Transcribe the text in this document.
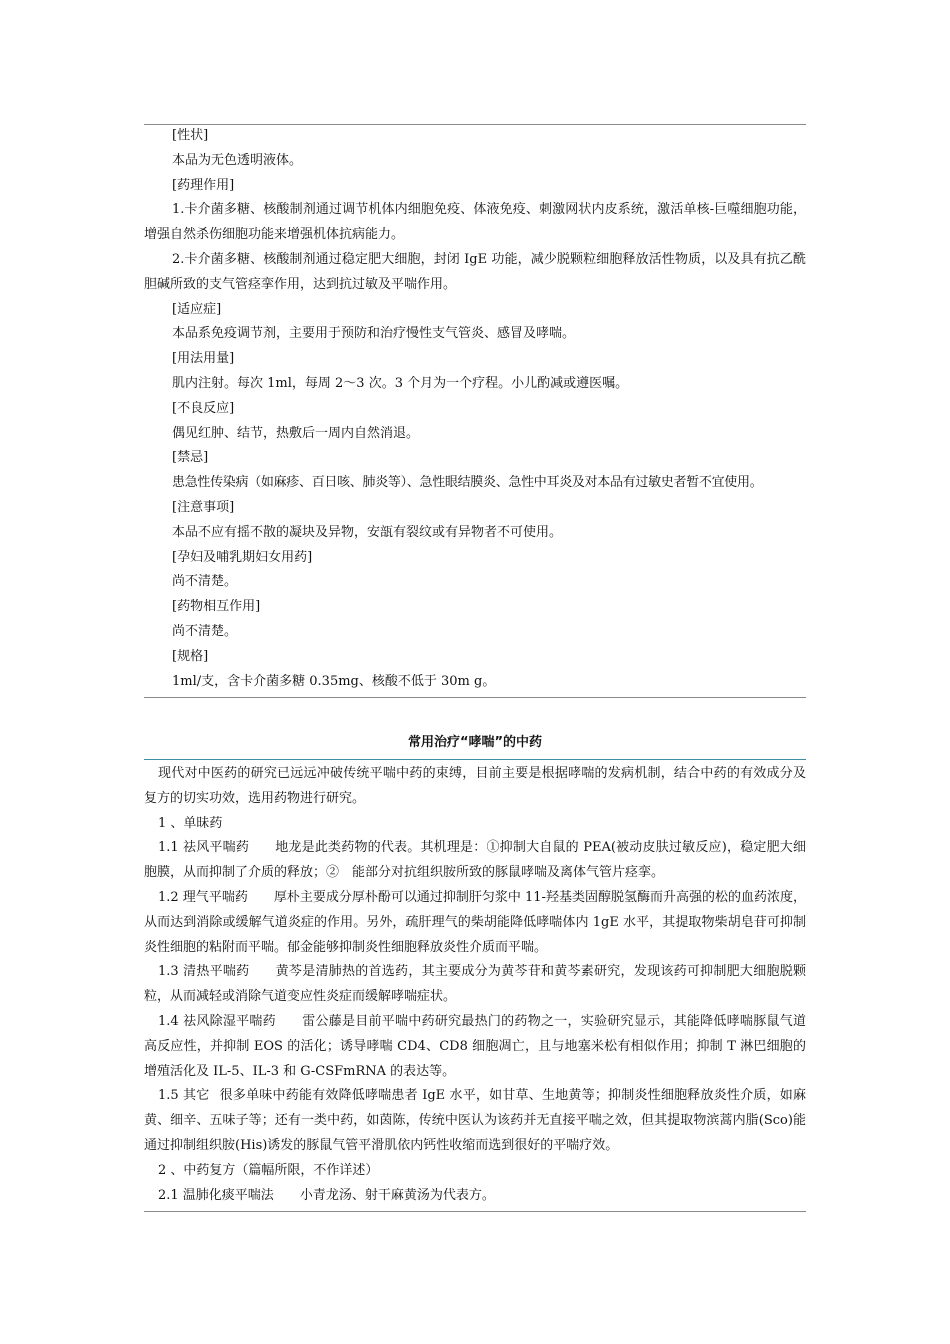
[性状]

本品为无色透明液体。

[药理作用]

1.卡介菌多糖、核酸制剂通过调节机体内细胞免疫、体液免疫、刺激网状内皮系统，激活单核-巨噬细胞功能，增强自然杀伤细胞功能来增强机体抗病能力。

2.卡介菌多糖、核酸制剂通过稳定肥大细胞，封闭 IgE 功能，减少脱颗粒细胞释放活性物质，以及具有抗乙酰胆碱所致的支气管痉挛作用，达到抗过敏及平喘作用。

[适应症]

本品系免疫调节剂，主要用于预防和治疗慢性支气管炎、感冒及哮喘。

[用法用量]

肌内注射。每次 1ml，每周 2～3 次。3 个月为一个疗程。小儿酌减或遵医嘱。

[不良反应]

偶见红肿、结节，热敷后一周内自然消退。

[禁忌]

患急性传染病（如麻疹、百日咳、肺炎等）、急性眼结膜炎、急性中耳炎及对本品有过敏史者暂不宜使用。

[注意事项]

本品不应有摇不散的凝块及异物，安瓿有裂纹或有异物者不可使用。

[孕妇及哺乳期妇女用药]

尚不清楚。

[药物相互作用]

尚不清楚。

[规格]

1ml/支，含卡介菌多糖 0.35mg、核酸不低于 30m g。

常用治疗“哮喘”的中药

现代对中医药的研究已远远冲破传统平喘中药的束缚，目前主要是根据哮喘的发病机制，结合中药的有效成分及复方的切实功效，选用药物进行研究。

1 、单昧药

1.1 祛风平喘药 地龙是此类药物的代表。其机理是：①抑制大自鼠的 PEA(被动皮肤过敏反应)，稳定肥大细胞膜，从而抑制了介质的释放；②　能部分对抗组织胺所致的豚鼠哮喘及离体气管片痉挛。

1.2 理气平喘药 厚朴主要成分厚朴酚可以通过抑制肝匀浆中 11-羟基类固醇脱氢酶而升高强的松的血药浓度，从而达到消除或缓解气道炎症的作用。另外，疏肝理气的柴胡能降低哮喘体内 1gE 水平，其提取物柴胡皂苷可抑制炎性细胞的粘附而平喘。郁金能够抑制炎性细胞释放炎性介质而平喘。

1.3 清热平喘药 黄芩是清肺热的首选药，其主要成分为黄芩苷和黄芩素研究，发现该药可抑制肥大细胞脱颗粒，从而减轻或消除气道变应性炎症而缓解哮喘症状。

1.4 祛风除湿平喘药 雷公藤是目前平喘中药研究最热门的药物之一，实验研究显示，其能降低哮喘豚鼠气道高反应性，并抑制 EOS 的活化；诱导哮喘 CD4、CD8 细胞凋亡，且与地塞米松有相似作用；抑制 T 淋巴细胞的增殖活化及 IL-5、IL-3 和 G-CSFmRNA 的表达等。

1.5 其它 很多单味中药能有效降低哮喘患者 IgE 水平，如甘草、生地黄等；抑制炎性细胞释放炎性介质，如麻黄、细辛、五味子等；还有一类中药，如茵陈，传统中医认为该药并无直接平喘之效，但其提取物滨蒿内脂(Sco)能通过抑制组织胺(His)诱发的豚鼠气管平滑肌依内钙性收缩而选到很好的平喘疗效。

2 、中药复方（篇幅所限，不作详述）

2.1 温肺化痰平喘法 小青龙汤、射干麻黄汤为代表方。
